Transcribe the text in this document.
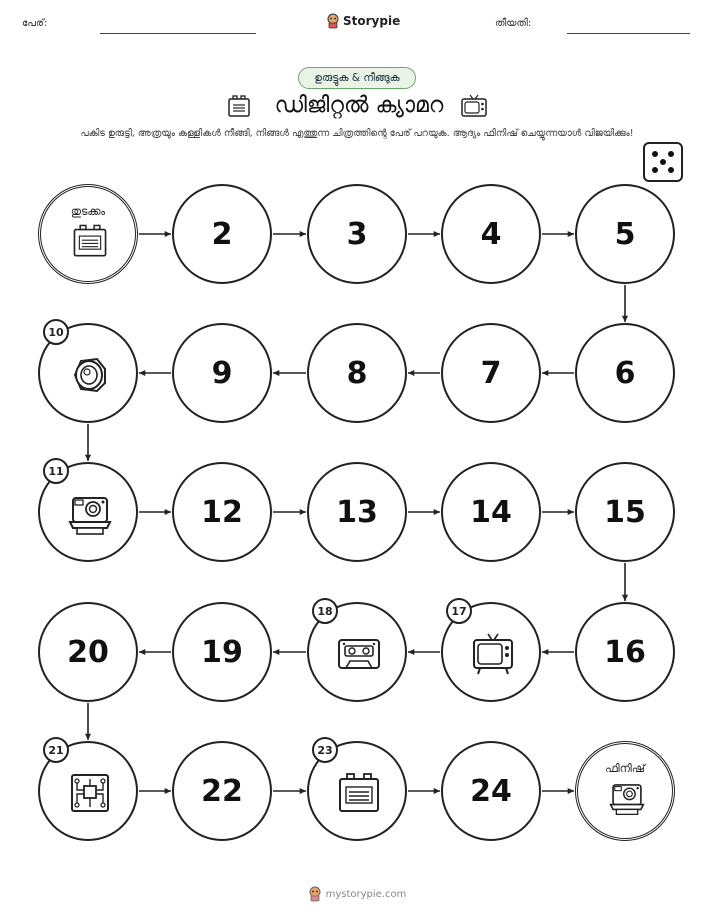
പേര്:	Storypie	തീയതി:
ഉരുട്ടുക & നീങ്ങുക
ഡിജിറ്റൽ ക്യാമറ
പകിട ഉരുട്ടി, അത്രയും കള്ളികൾ നീങ്ങി, നിങ്ങൾ എത്തുന്ന ചിത്രത്തിന്റെ പേര് പറയുക. ആദ്യം ഫിനിഷ് ചെയ്യുന്നയാൾ വിജയിക്കും!
തുടക്കം
2	3	4	5
6
7
8
9
10
11
12	13	14	15
16
17
18
19
20
21
22
23
24
ഫിനിഷ്
mystorypie.com
